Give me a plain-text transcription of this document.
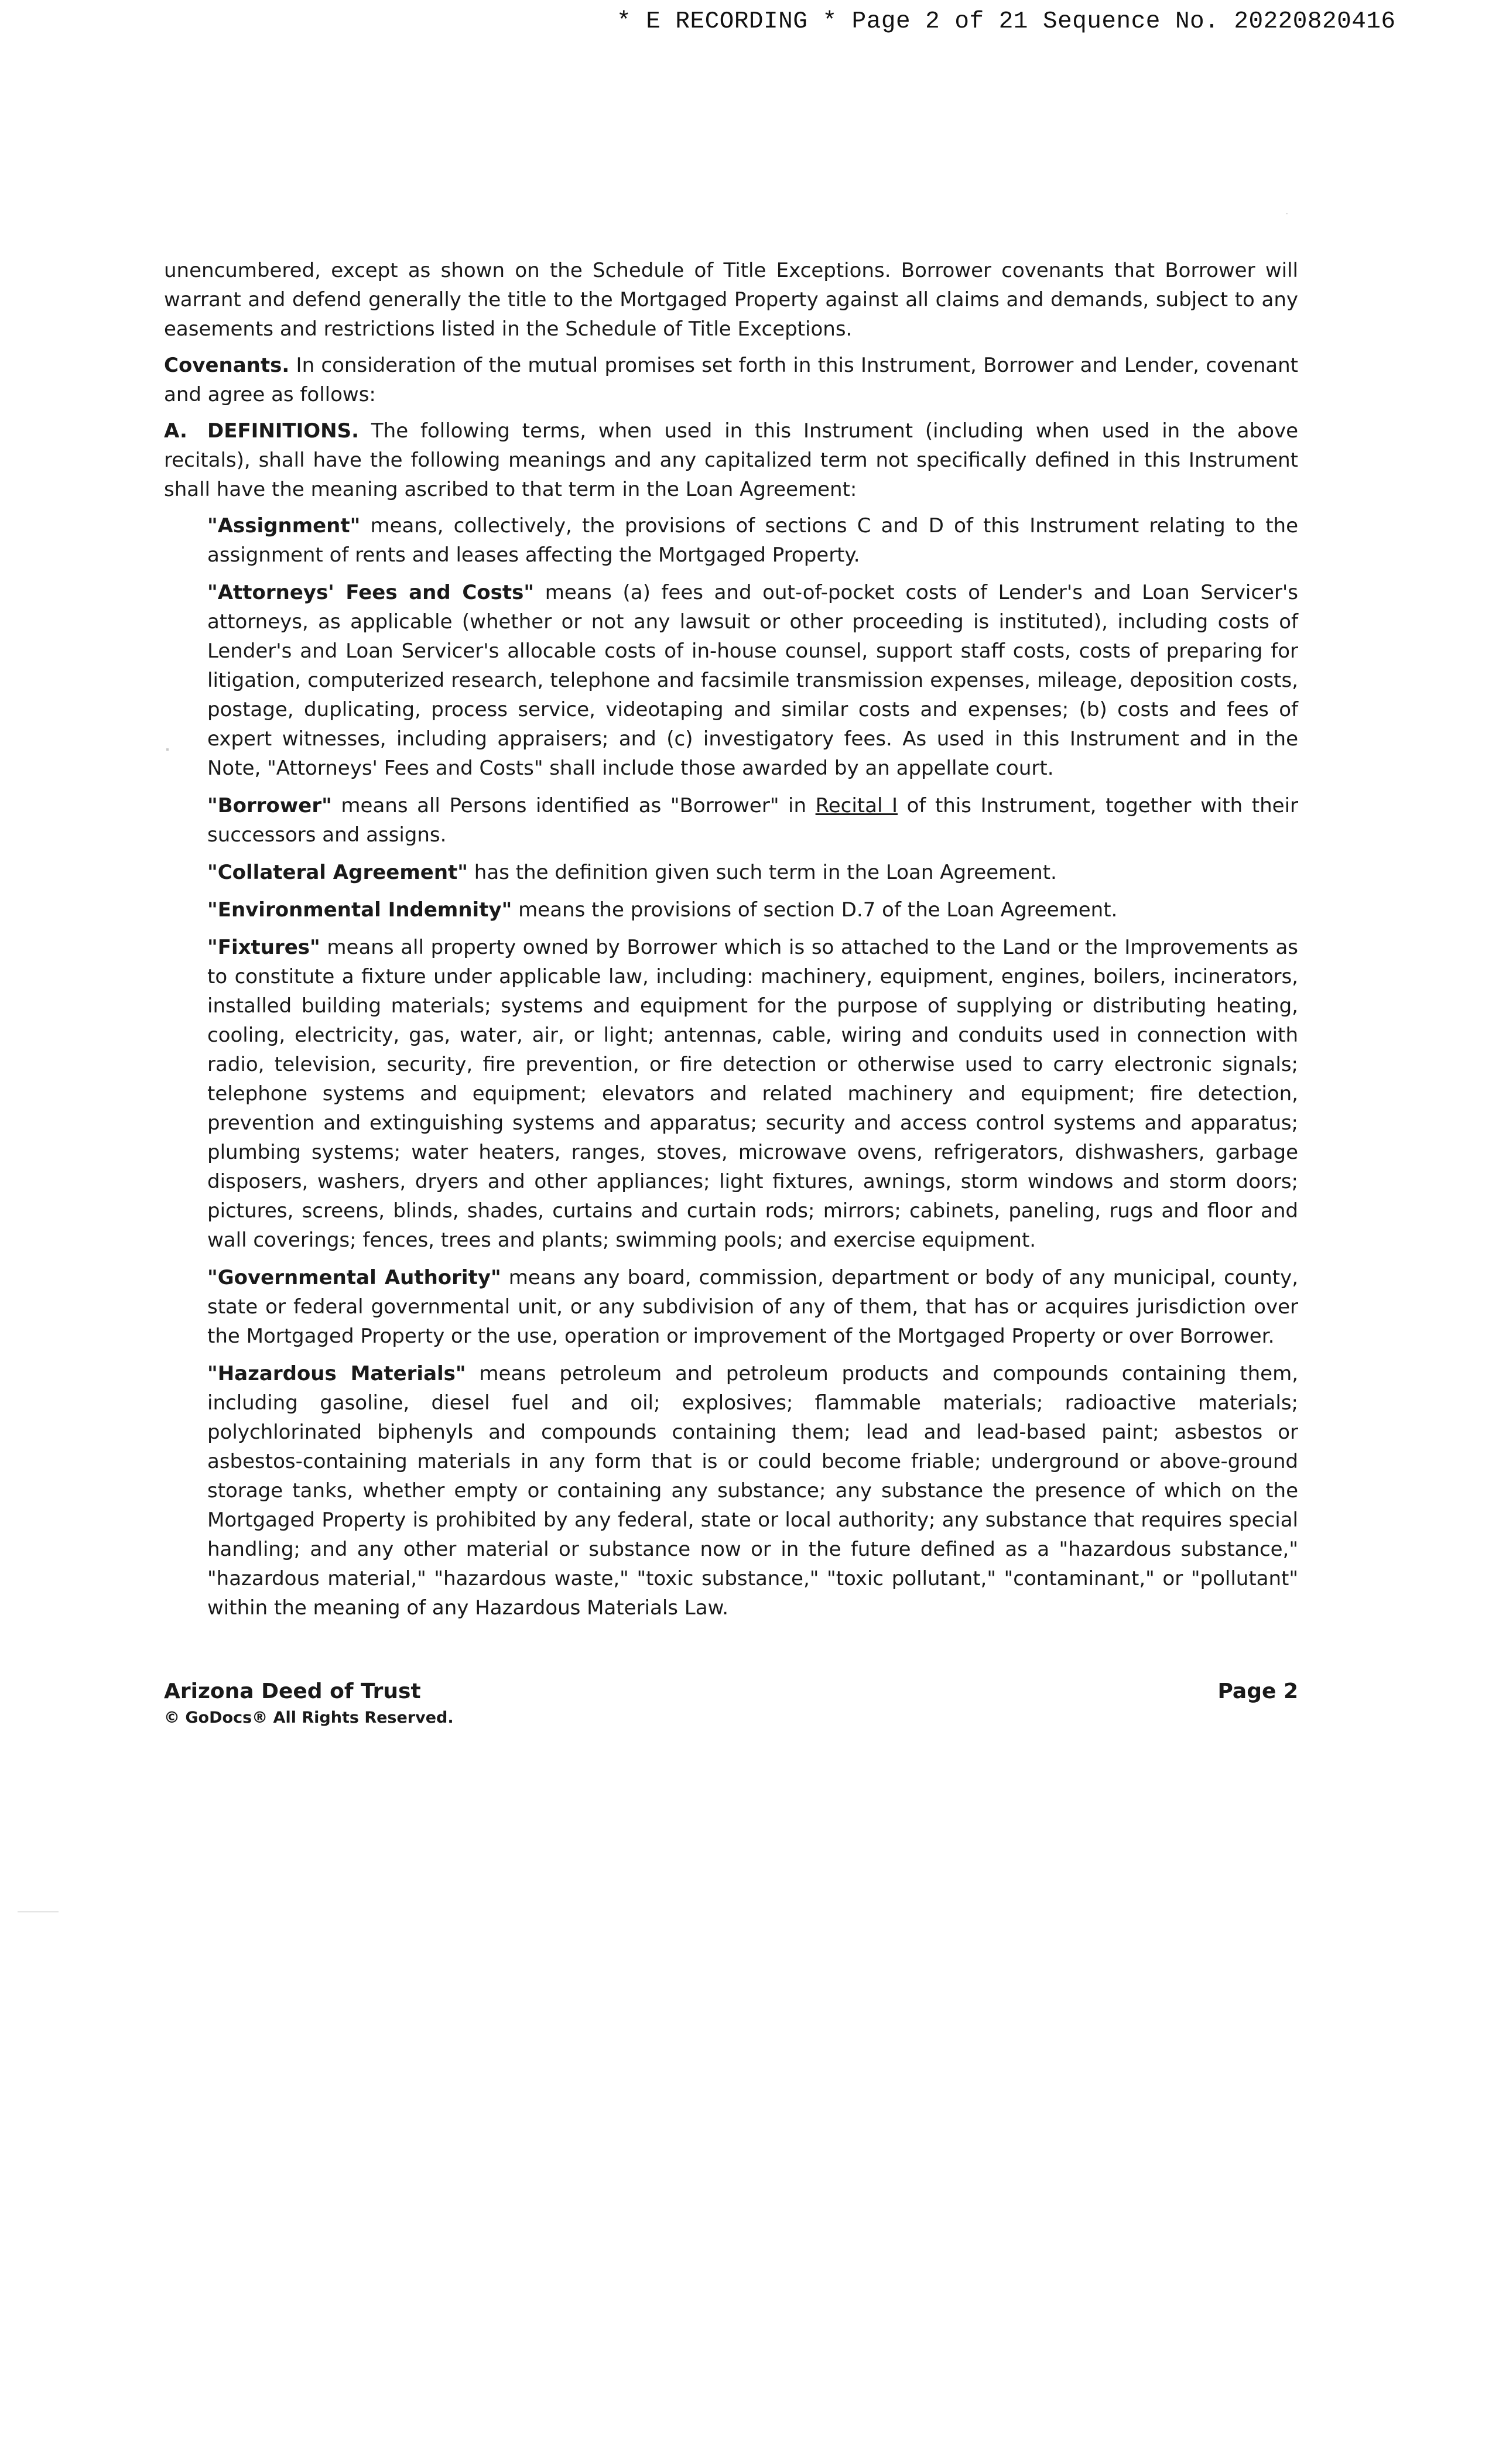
* E RECORDING * Page 2 of 21 Sequence No. 20220820416

unencumbered, except as shown on the Schedule of Title Exceptions. Borrower covenants that Borrower will warrant and defend generally the title to the Mortgaged Property against all claims and demands, subject to any easements and restrictions listed in the Schedule of Title Exceptions.

Covenants. In consideration of the mutual promises set forth in this Instrument, Borrower and Lender, covenant and agree as follows:

A. DEFINITIONS. The following terms, when used in this Instrument (including when used in the above recitals), shall have the following meanings and any capitalized term not specifically defined in this Instrument shall have the meaning ascribed to that term in the Loan Agreement:

"Assignment" means, collectively, the provisions of sections C and D of this Instrument relating to the assignment of rents and leases affecting the Mortgaged Property.

"Attorneys' Fees and Costs" means (a) fees and out-of-pocket costs of Lender's and Loan Servicer's attorneys, as applicable (whether or not any lawsuit or other proceeding is instituted), including costs of Lender's and Loan Servicer's allocable costs of in-house counsel, support staff costs, costs of preparing for litigation, computerized research, telephone and facsimile transmission expenses, mileage, deposition costs, postage, duplicating, process service, videotaping and similar costs and expenses; (b) costs and fees of expert witnesses, including appraisers; and (c) investigatory fees. As used in this Instrument and in the Note, "Attorneys' Fees and Costs" shall include those awarded by an appellate court.

"Borrower" means all Persons identified as "Borrower" in Recital I of this Instrument, together with their successors and assigns.

"Collateral Agreement" has the definition given such term in the Loan Agreement.

"Environmental Indemnity" means the provisions of section D.7 of the Loan Agreement.

"Fixtures" means all property owned by Borrower which is so attached to the Land or the Improvements as to constitute a fixture under applicable law, including: machinery, equipment, engines, boilers, incinerators, installed building materials; systems and equipment for the purpose of supplying or distributing heating, cooling, electricity, gas, water, air, or light; antennas, cable, wiring and conduits used in connection with radio, television, security, fire prevention, or fire detection or otherwise used to carry electronic signals; telephone systems and equipment; elevators and related machinery and equipment; fire detection, prevention and extinguishing systems and apparatus; security and access control systems and apparatus; plumbing systems; water heaters, ranges, stoves, microwave ovens, refrigerators, dishwashers, garbage disposers, washers, dryers and other appliances; light fixtures, awnings, storm windows and storm doors; pictures, screens, blinds, shades, curtains and curtain rods; mirrors; cabinets, paneling, rugs and floor and wall coverings; fences, trees and plants; swimming pools; and exercise equipment.

"Governmental Authority" means any board, commission, department or body of any municipal, county, state or federal governmental unit, or any subdivision of any of them, that has or acquires jurisdiction over the Mortgaged Property or the use, operation or improvement of the Mortgaged Property or over Borrower.

"Hazardous Materials" means petroleum and petroleum products and compounds containing them, including gasoline, diesel fuel and oil; explosives; flammable materials; radioactive materials; polychlorinated biphenyls and compounds containing them; lead and lead-based paint; asbestos or asbestos-containing materials in any form that is or could become friable; underground or above-ground storage tanks, whether empty or containing any substance; any substance the presence of which on the Mortgaged Property is prohibited by any federal, state or local authority; any substance that requires special handling; and any other material or substance now or in the future defined as a "hazardous substance," "hazardous material," "hazardous waste," "toxic substance," "toxic pollutant," "contaminant," or "pollutant" within the meaning of any Hazardous Materials Law.

Arizona Deed of Trust
© GoDocs® All Rights Reserved.
Page 2
